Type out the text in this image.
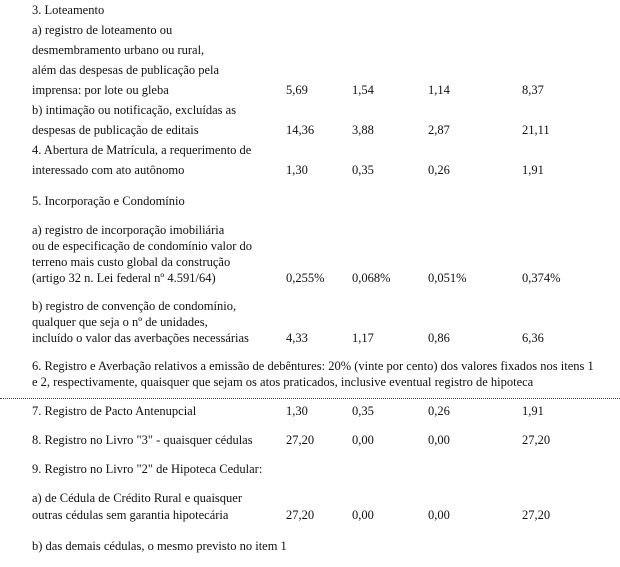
3. Loteamento
a) registro de loteamento ou
desmembramento urbano ou rural,
além das despesas de publicação pela
imprensa: por lote ou gleba	5,69	1,54	1,14	8,37
b) intimação ou notificação, excluídas as
despesas de publicação de editais	14,36	3,88	2,87	21,11
4. Abertura de Matrícula, a requerimento de
interessado com ato autônomo	1,30	0,35	0,26	1,91
5. Incorporação e Condomínio
a) registro de incorporação imobiliária
ou de especificação de condomínio valor do
terreno mais custo global da construção
(artigo 32 n. Lei federal nº 4.591/64)	0,255% 0,068%	0,051%	0,374%
b) registro de convenção de condomínio,
qualquer que seja o nº de unidades,
incluído o valor das averbações necessárias	4,33	1,17	0,86	6,36
6. Registro e Averbação relativos a emissão de debêntures: 20% (vinte por cento) dos valores fixados nos itens 1
e 2, respectivamente, quaisquer que sejam os atos praticados, inclusive eventual registro de hipoteca
7. Registro de Pacto Antenupcial	1,30	0,35	0,26	1,91
8. Registro no Livro "3" - quaisquer cédulas	27,20	0,00	0,00	27,20
9. Registro no Livro "2" de Hipoteca Cedular:
a) de Cédula de Crédito Rural e quaisquer
outras cédulas sem garantia hipotecária	27,20	0,00	0,00	27,20
b) das demais cédulas, o mesmo previsto no item 1
